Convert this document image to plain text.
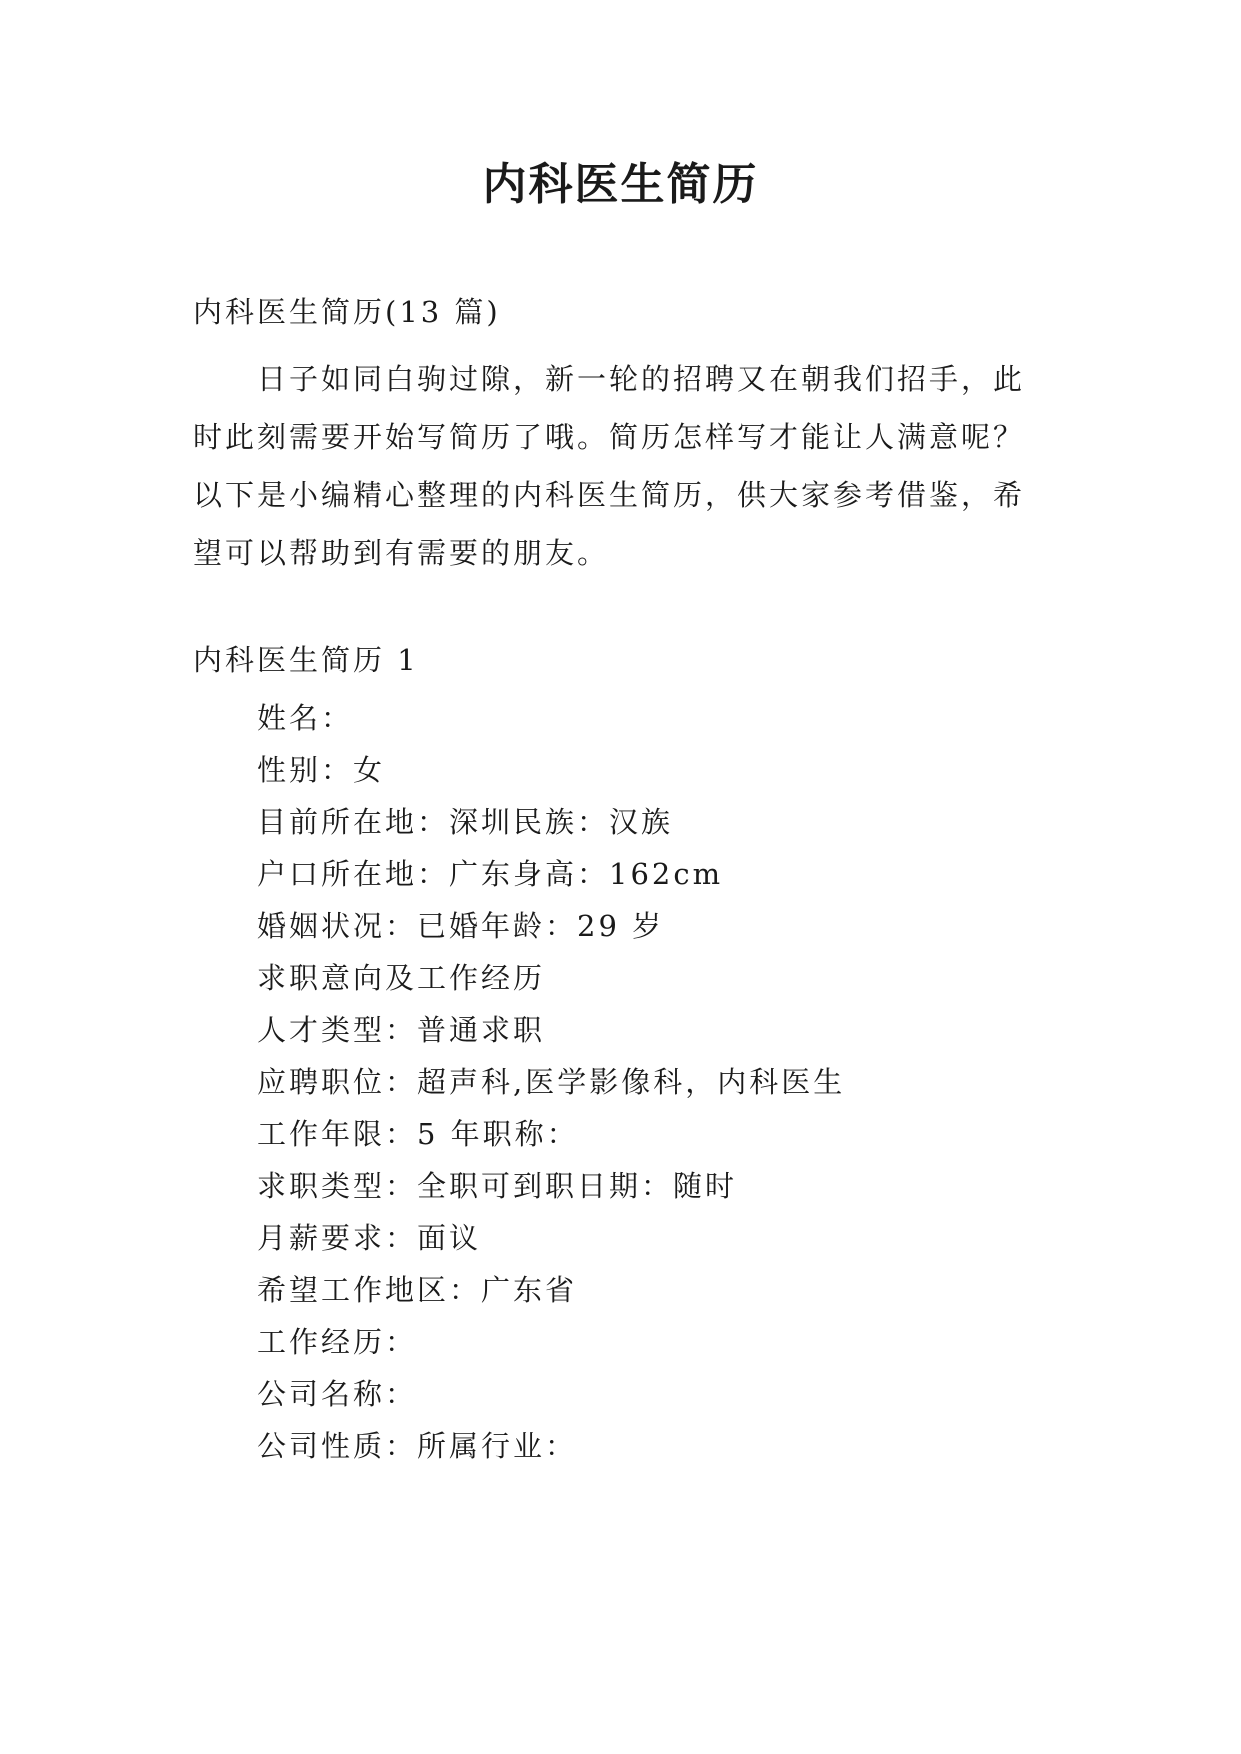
内科医生简历
内科医生简历(13 篇)
日子如同白驹过隙，新一轮的招聘又在朝我们招手，此时此刻需要开始写简历了哦。简历怎样写才能让人满意呢？以下是小编精心整理的内科医生简历，供大家参考借鉴，希望可以帮助到有需要的朋友。
内科医生简历 1
姓名：
性别：女
目前所在地：深圳民族：汉族
户口所在地：广东身高：162cm
婚姻状况：已婚年龄：29 岁
求职意向及工作经历
人才类型：普通求职
应聘职位：超声科,医学影像科，内科医生
工作年限：5 年职称：
求职类型：全职可到职日期：随时
月薪要求：面议
希望工作地区：广东省
工作经历：
公司名称：
公司性质：所属行业：
